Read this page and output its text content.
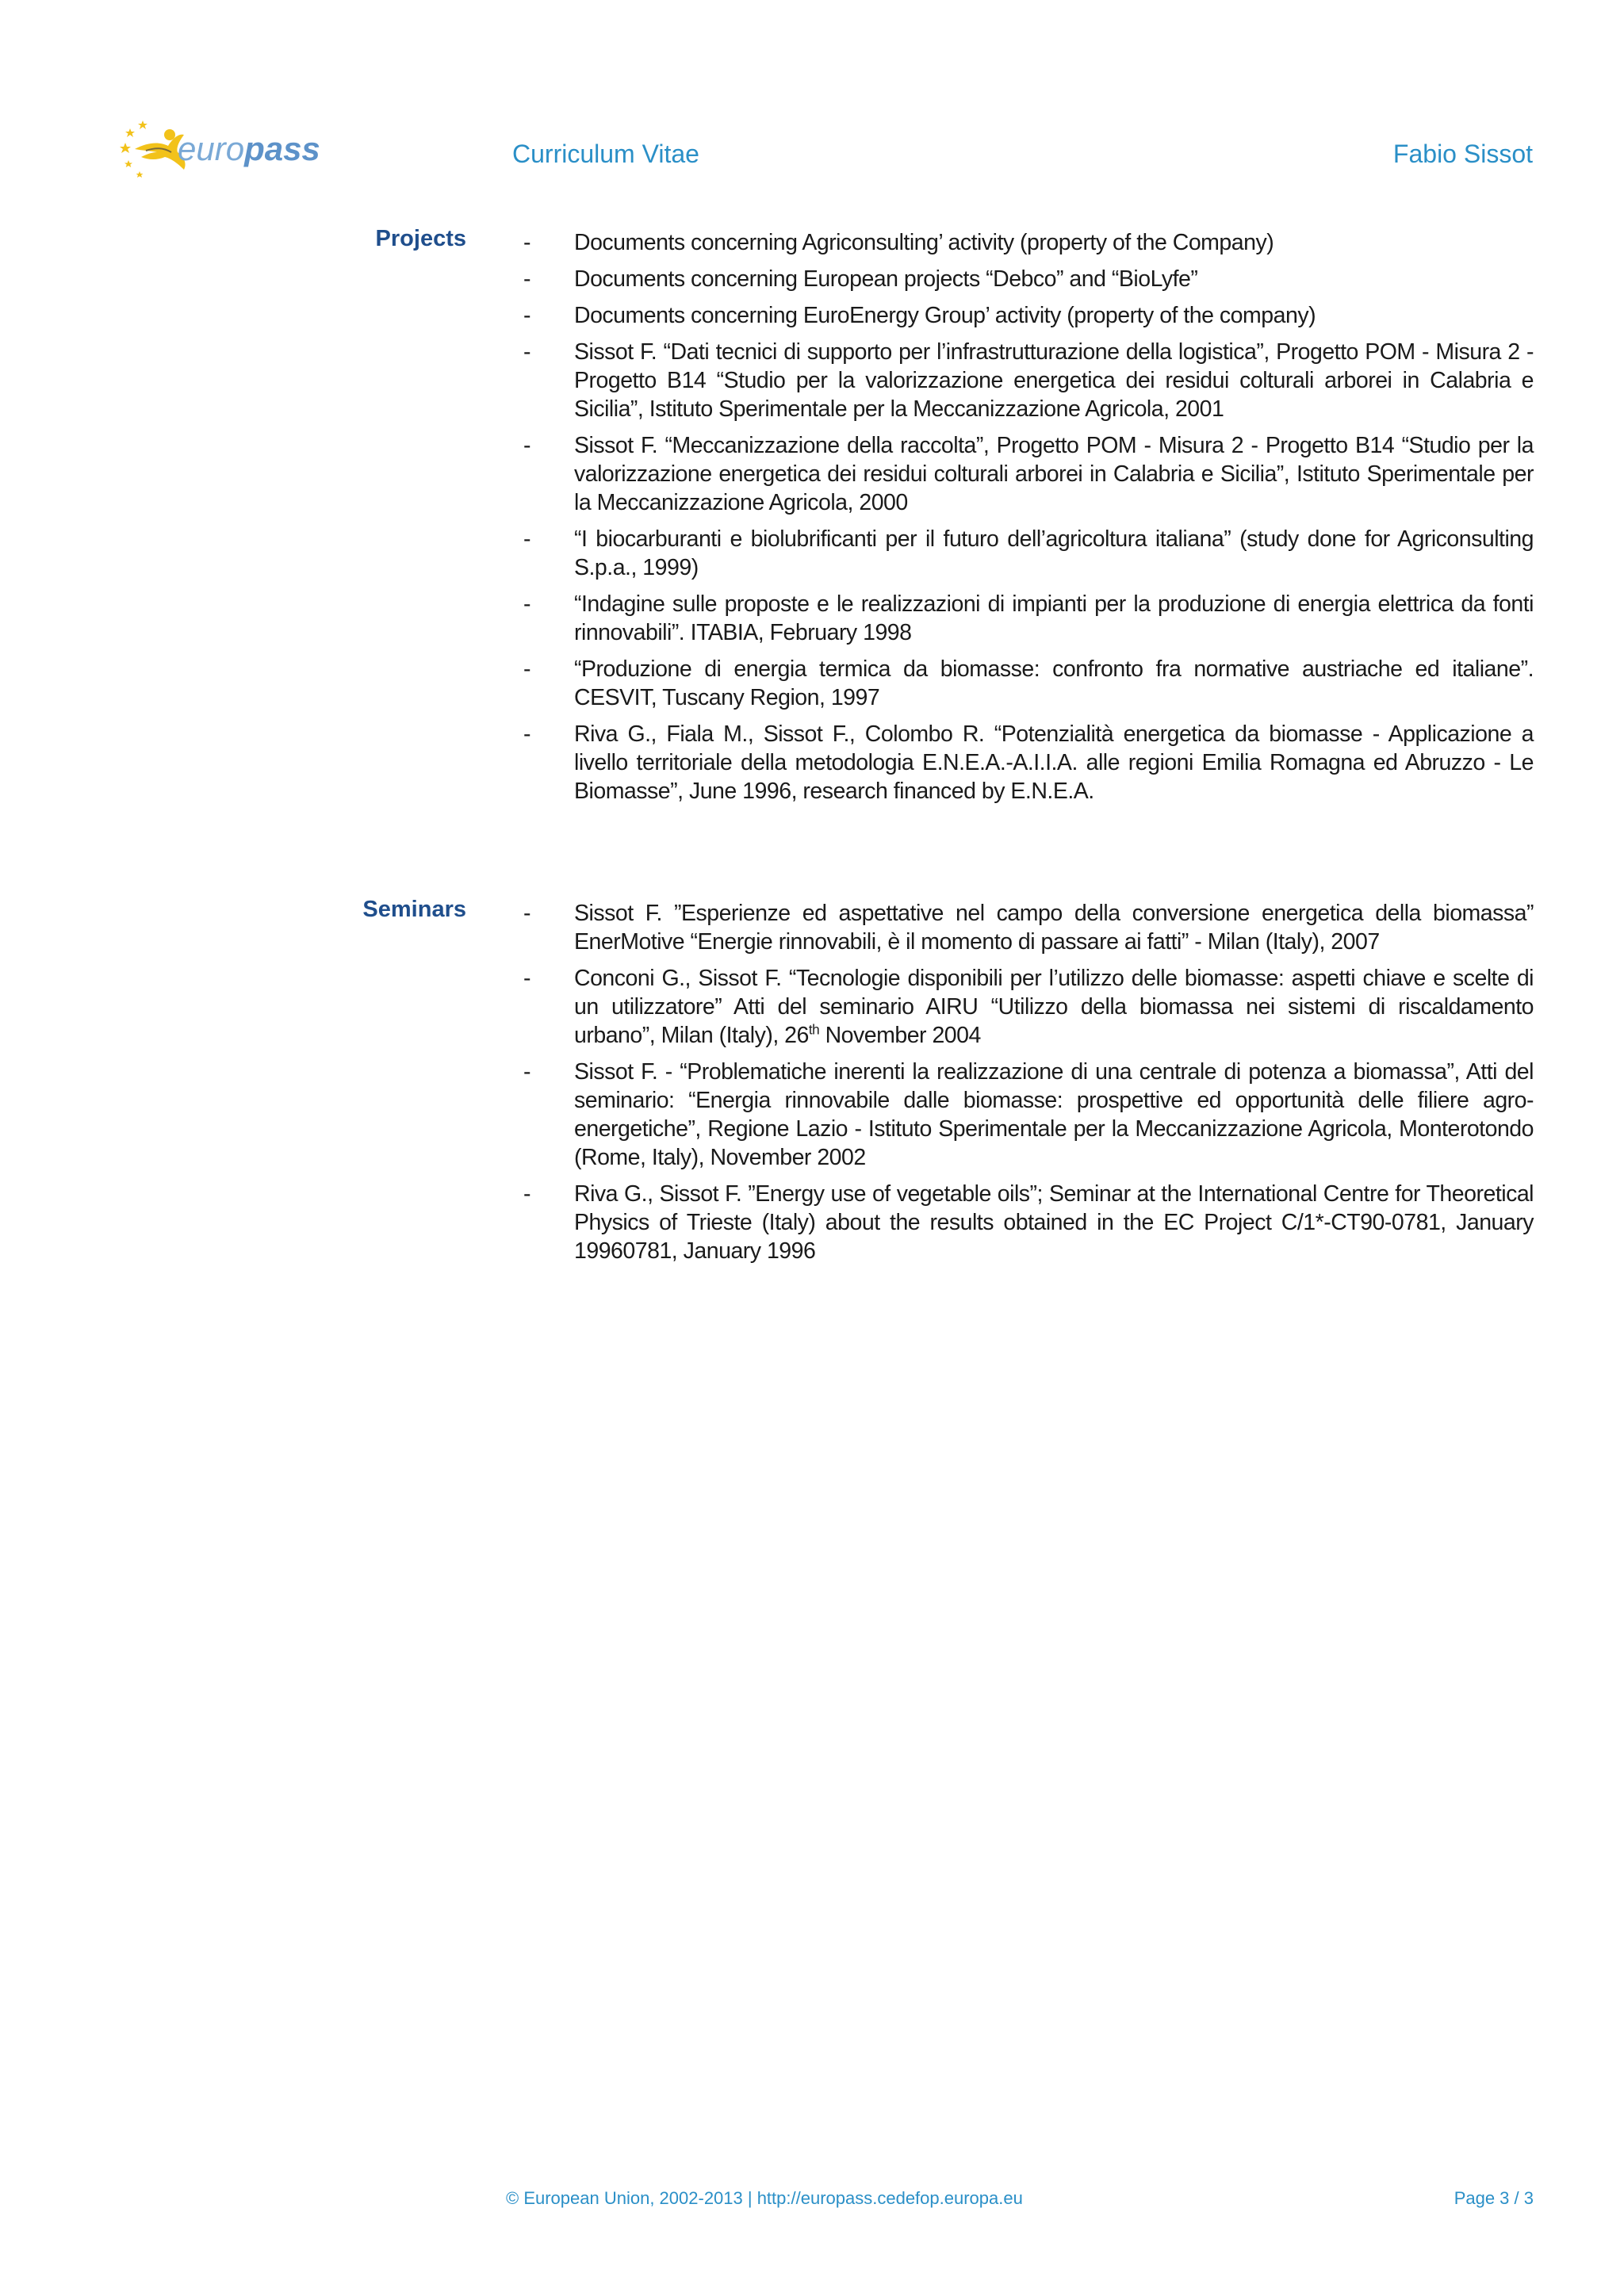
europass	Curriculum Vitae	Fabio Sissot
Projects	- Documents concerning Agriconsulting’ activity (property of the Company)
- Documents concerning European projects “Debco” and “BioLyfe”
- Documents concerning EuroEnergy Group’ activity (property of the company)
- Sissot F. “Dati tecnici di supporto per l’infrastrutturazione della logistica”, Progetto POM - Misura 2 - Progetto B14 “Studio per la valorizzazione energetica dei residui colturali arborei in Calabria e Sicilia”, Istituto Sperimentale per la Meccanizzazione Agricola, 2001
- Sissot F. “Meccanizzazione della raccolta”, Progetto POM - Misura 2 - Progetto B14 “Studio per la valorizzazione energetica dei residui colturali arborei in Calabria e Sicilia”, Istituto Sperimentale per la Meccanizzazione Agricola, 2000
- “I biocarburanti e biolubrificanti per il futuro dell’agricoltura italiana” (study done for Agriconsulting S.p.a., 1999)
- “Indagine sulle proposte e le realizzazioni di impianti per la produzione di energia elettrica da fonti rinnovabili”. ITABIA, February 1998
- “Produzione di energia termica da biomasse: confronto fra normative austriache ed italiane”. CESVIT, Tuscany Region, 1997
- Riva G., Fiala M., Sissot F., Colombo R. “Potenzialità energetica da biomasse - Applicazione a livello territoriale della metodologia E.N.E.A.-A.I.I.A. alle regioni Emilia Romagna ed Abruzzo - Le Biomasse”, June 1996, research financed by E.N.E.A.
Seminars	- Sissot F. ”Esperienze ed aspettative nel campo della conversione energetica della biomassa” EnerMotive “Energie rinnovabili, è il momento di passare ai fatti” - Milan (Italy), 2007
- Conconi G., Sissot F. “Tecnologie disponibili per l’utilizzo delle biomasse: aspetti chiave e scelte di un utilizzatore” Atti del seminario AIRU “Utilizzo della biomassa nei sistemi di riscaldamento urbano”, Milan (Italy), 26th November 2004
- Sissot F. - “Problematiche inerenti la realizzazione di una centrale di potenza a biomassa”, Atti del seminario: “Energia rinnovabile dalle biomasse: prospettive ed opportunità delle filiere agro-energetiche”, Regione Lazio - Istituto Sperimentale per la Meccanizzazione Agricola, Monterotondo (Rome, Italy), November 2002
- Riva G., Sissot F. ”Energy use of vegetable oils”; Seminar at the International Centre for Theoretical Physics of Trieste (Italy) about the results obtained in the EC Project C/1*-CT90-0781, January 19960781, January 1996
© European Union, 2002-2013 | http://europass.cedefop.europa.eu	Page 3 / 3
